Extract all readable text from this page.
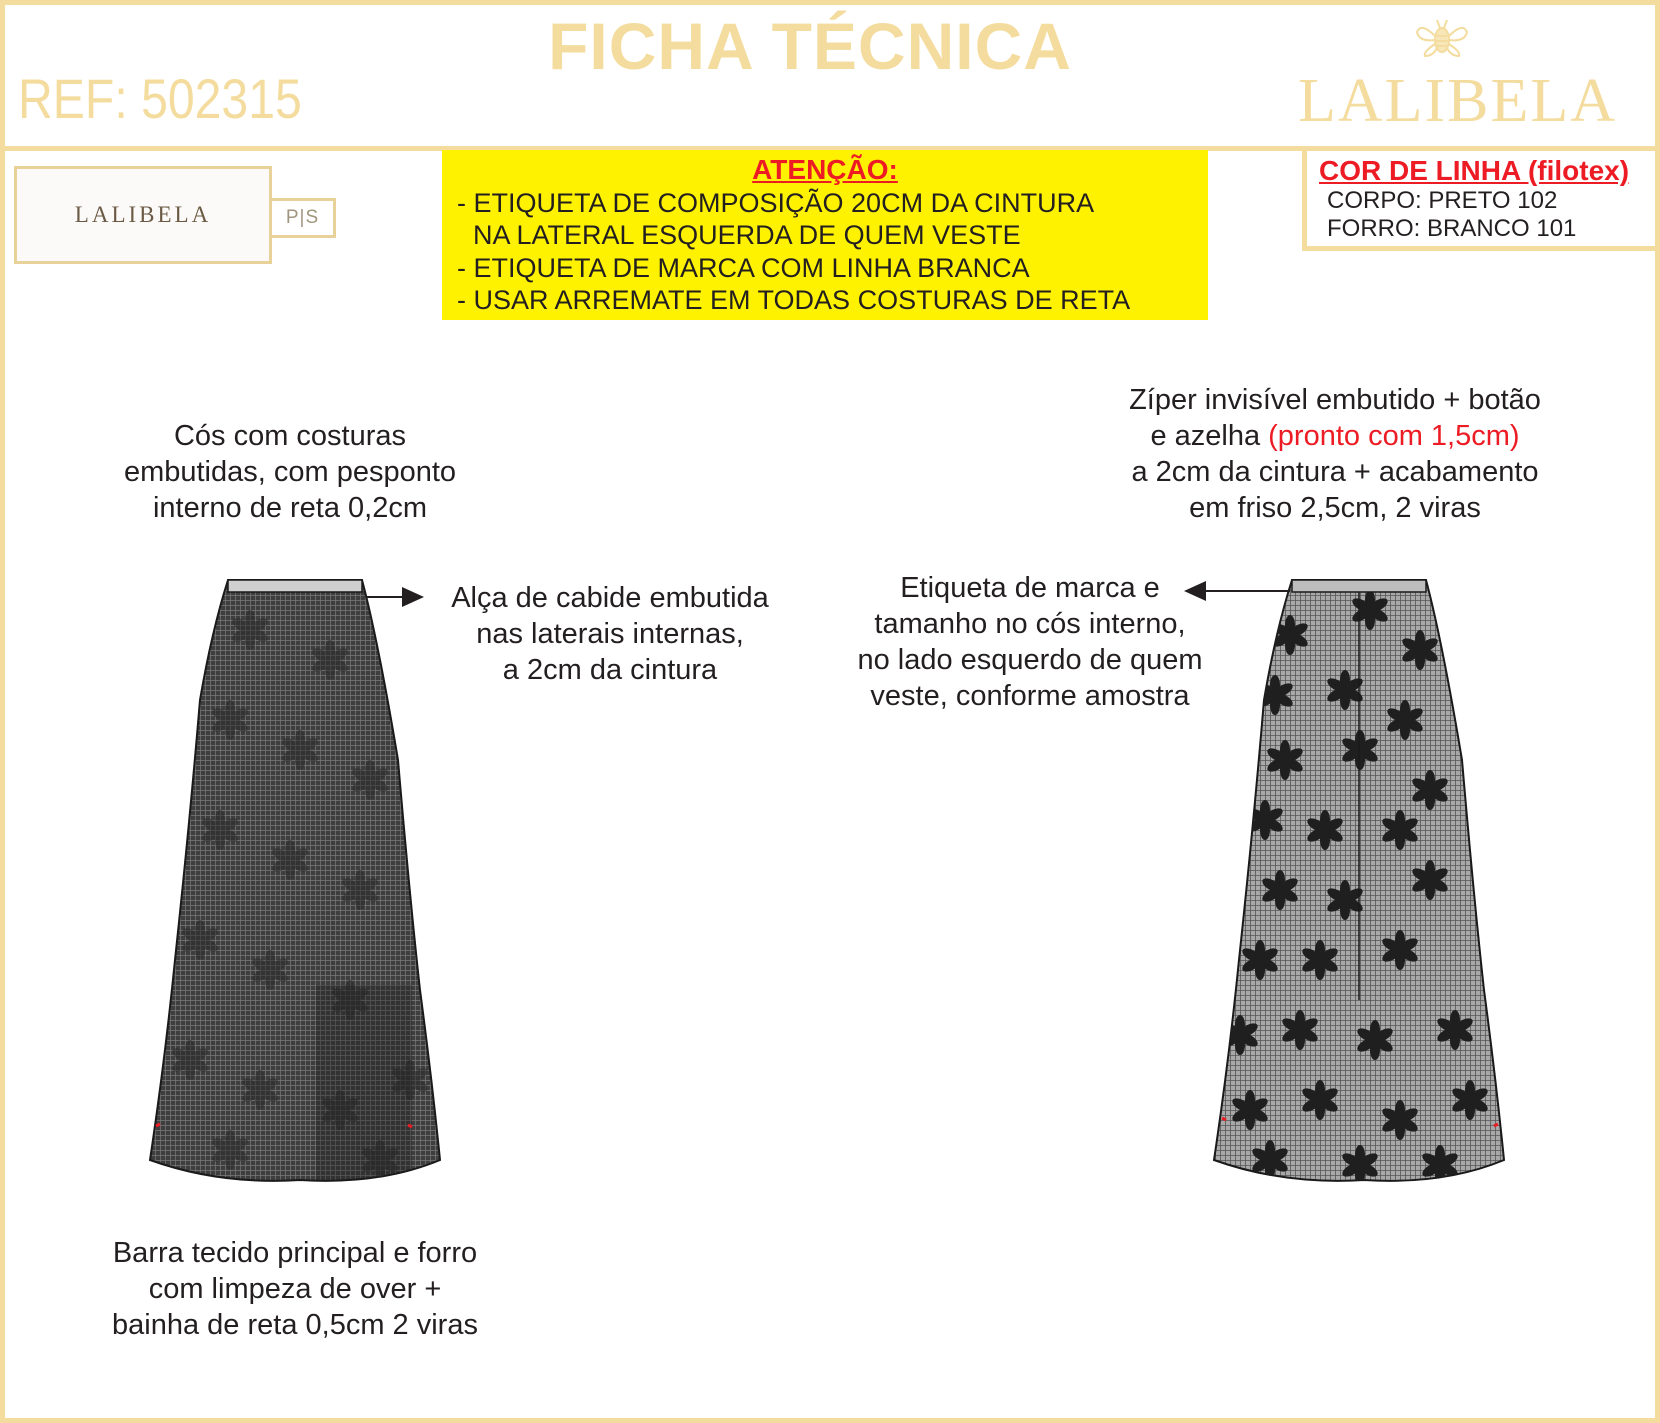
FICHA TÉCNICA
REF: 502315	LALIBELA
LALIBELA	P|S
ATENÇÃO:
- ETIQUETA DE COMPOSIÇÃO 20CM DA CINTURA
NA LATERAL ESQUERDA DE QUEM VESTE
- ETIQUETA DE MARCA COM LINHA BRANCA
- USAR ARREMATE EM TODAS COSTURAS DE RETA
COR DE LINHA (filotex)
CORPO: PRETO 102
FORRO: BRANCO 101
Cós com costuras
embutidas, com pesponto
interno de reta 0,2cm
Alça de cabide embutida
nas laterais internas,
a 2cm da cintura
Barra tecido principal e forro
com limpeza de over +
bainha de reta 0,5cm 2 viras
Zíper invisível embutido + botão
e azelha (pronto com 1,5cm)
a 2cm da cintura + acabamento
em friso 2,5cm, 2 viras
Etiqueta de marca e
tamanho no cós interno,
no lado esquerdo de quem
veste, conforme amostra
